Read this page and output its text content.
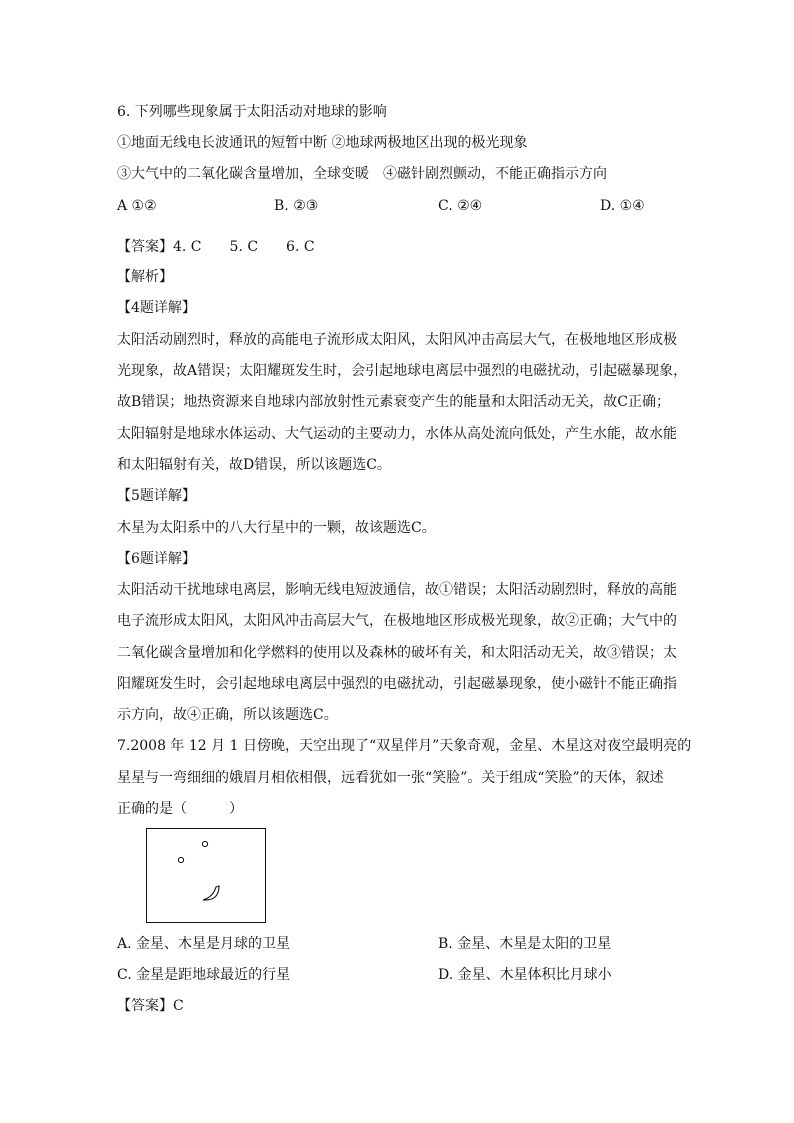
6. 下列哪些现象属于太阳活动对地球的影响
①地面无线电长波通讯的短暂中断 ②地球两极地区出现的极光现象
③大气中的二氧化碳含量增加，全球变暖　④磁针剧烈颤动，不能正确指示方向
A ①②	B. ②③	C. ②④	D. ①④
【答案】4. C　　5. C　　6. C
【解析】
【4题详解】
太阳活动剧烈时，释放的高能电子流形成太阳风，太阳风冲击高层大气，在极地地区形成极
光现象，故A错误；太阳耀斑发生时，会引起地球电离层中强烈的电磁扰动，引起磁暴现象，
故B错误；地热资源来自地球内部放射性元素衰变产生的能量和太阳活动无关，故C正确；
太阳辐射是地球水体运动、大气运动的主要动力，水体从高处流向低处，产生水能，故水能
和太阳辐射有关，故D错误，所以该题选C。
【5题详解】
木星为太阳系中的八大行星中的一颗，故该题选C。
【6题详解】
太阳活动干扰地球电离层，影响无线电短波通信，故①错误；太阳活动剧烈时，释放的高能
电子流形成太阳风，太阳风冲击高层大气，在极地地区形成极光现象，故②正确；大气中的
二氧化碳含量增加和化学燃料的使用以及森林的破坏有关，和太阳活动无关，故③错误；太
阳耀斑发生时，会引起地球电离层中强烈的电磁扰动，引起磁暴现象，使小磁针不能正确指
示方向，故④正确，所以该题选C。
7.2008 年 12 月 1 日傍晚，天空出现了“双星伴月”天象奇观，金星、木星这对夜空最明亮的
星星与一弯细细的娥眉月相依相偎，远看犹如一张“笑脸”。关于组成“笑脸”的天体，叙述
正确的是（　　　）
A. 金星、木星是月球的卫星	B. 金星、木星是太阳的卫星
C. 金星是距地球最近的行星	D. 金星、木星体积比月球小
【答案】C
